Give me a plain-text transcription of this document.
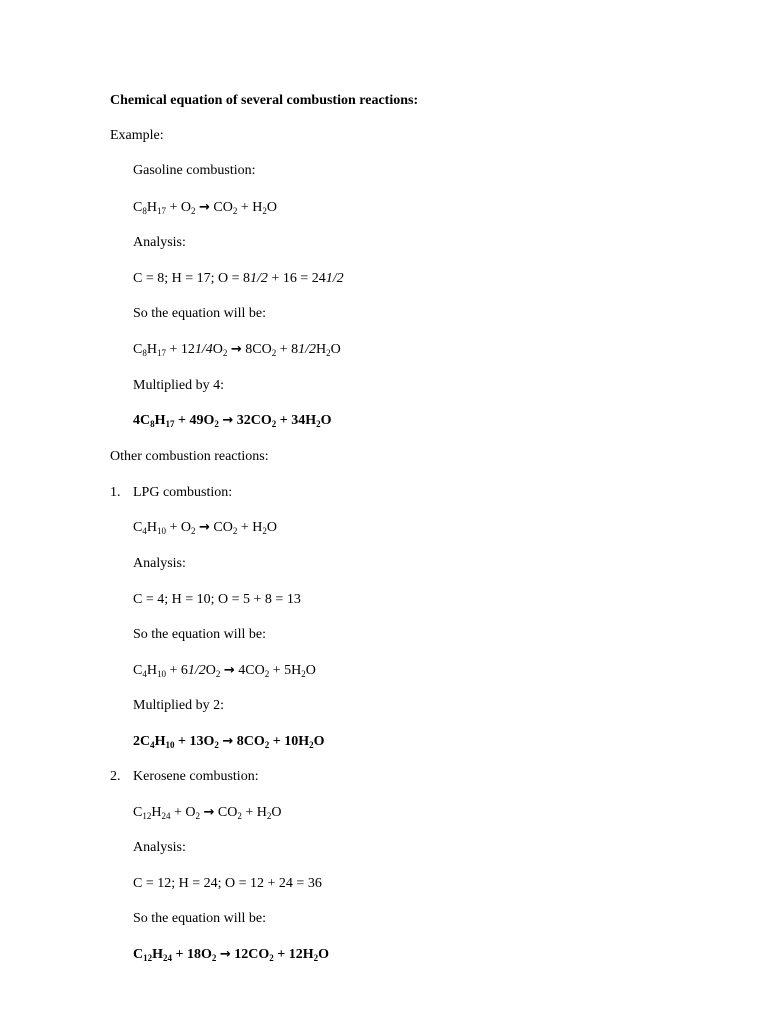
Chemical equation of several combustion reactions:
Example:
Gasoline combustion:
$C_8H_{17} + O_2 \to CO_2 + H_2O$
Analysis:
C = 8; H = 17; O = 81/2 + 16 = 241/2
So the equation will be:
$C_8H_{17} + 121/4O_2 \to 8CO_2 + 81/2H_2O$
Multiplied by 4:
$4C_8H_{17} + 49O_2 \to 32CO_2 + 34H_2O$
Other combustion reactions:
1. LPG combustion:
$C_4H_{10} + O_2 \to CO_2 + H_2O$
Analysis:
C = 4; H = 10; O = 5 + 8 = 13
So the equation will be:
$C_4H_{10} + 61/2O_2 \to 4CO_2 + 5H_2O$
Multiplied by 2:
$2C_4H_{10} + 13O_2 \to 8CO_2 + 10H_2O$
2. Kerosene combustion:
$C_{12}H_{24} + O_2 \to CO_2 + H_2O$
Analysis:
C = 12; H = 24; O = 12 + 24 = 36
So the equation will be:
$C_{12}H_{24} + 18O_2 \to 12CO_2 + 12H_2O$
